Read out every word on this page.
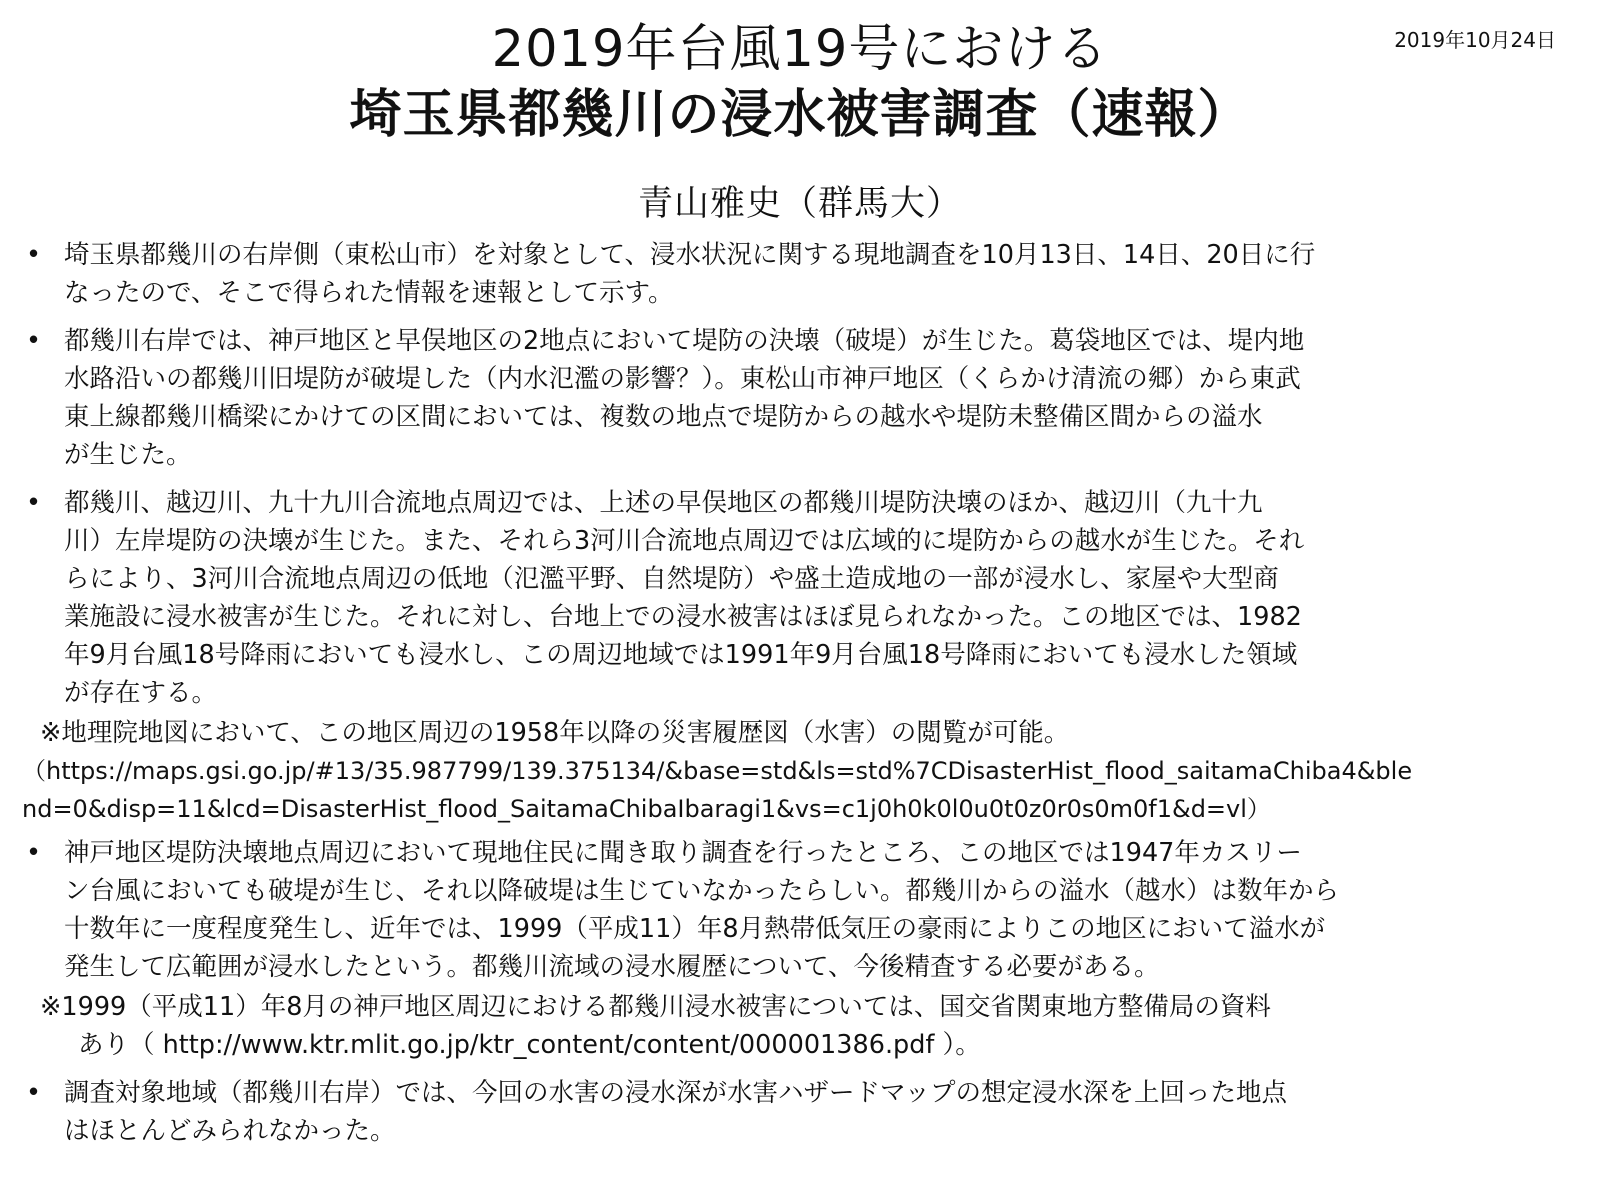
2019年10月24日
2019年台風19号における
埼玉県都幾川の浸水被害調査（速報）
青山雅史（群馬大）
• 埼玉県都幾川の右岸側（東松山市）を対象として、浸水状況に関する現地調査を10月13日、14日、20日に行
なったので、そこで得られた情報を速報として示す。
• 都幾川右岸では、神戸地区と早俣地区の2地点において堤防の決壊（破堤）が生じた。葛袋地区では、堤内地
水路沿いの都幾川旧堤防が破堤した（内水氾濫の影響？）。東松山市神戸地区（くらかけ清流の郷）から東武
東上線都幾川橋梁にかけての区間においては、複数の地点で堤防からの越水や堤防未整備区間からの溢水
が生じた。
• 都幾川、越辺川、九十九川合流地点周辺では、上述の早俣地区の都幾川堤防決壊のほか、越辺川（九十九
川）左岸堤防の決壊が生じた。また、それら3河川合流地点周辺では広域的に堤防からの越水が生じた。それ
らにより、3河川合流地点周辺の低地（氾濫平野、自然堤防）や盛土造成地の一部が浸水し、家屋や大型商
業施設に浸水被害が生じた。それに対し、台地上での浸水被害はほぼ見られなかった。この地区では、1982
年9月台風18号降雨においても浸水し、この周辺地域では1991年9月台風18号降雨においても浸水した領域
が存在する。
※地理院地図において、この地区周辺の1958年以降の災害履歴図（水害）の閲覧が可能。
（https://maps.gsi.go.jp/#13/35.987799/139.375134/&base=std&ls=std%7CDisasterHist_flood_saitamaChiba4&ble
nd=0&disp=11&lcd=DisasterHist_flood_SaitamaChibaIbaragi1&vs=c1j0h0k0l0u0t0z0r0s0m0f1&d=vl）
• 神戸地区堤防決壊地点周辺において現地住民に聞き取り調査を行ったところ、この地区では1947年カスリー
ン台風においても破堤が生じ、それ以降破堤は生じていなかったらしい。都幾川からの溢水（越水）は数年から
十数年に一度程度発生し、近年では、1999（平成11）年8月熱帯低気圧の豪雨によりこの地区において溢水が
発生して広範囲が浸水したという。都幾川流域の浸水履歴について、今後精査する必要がある。
※1999（平成11）年8月の神戸地区周辺における都幾川浸水被害については、国交省関東地方整備局の資料
あり（ http://www.ktr.mlit.go.jp/ktr_content/content/000001386.pdf ）。
• 調査対象地域（都幾川右岸）では、今回の水害の浸水深が水害ハザードマップの想定浸水深を上回った地点
はほとんどみられなかった。
